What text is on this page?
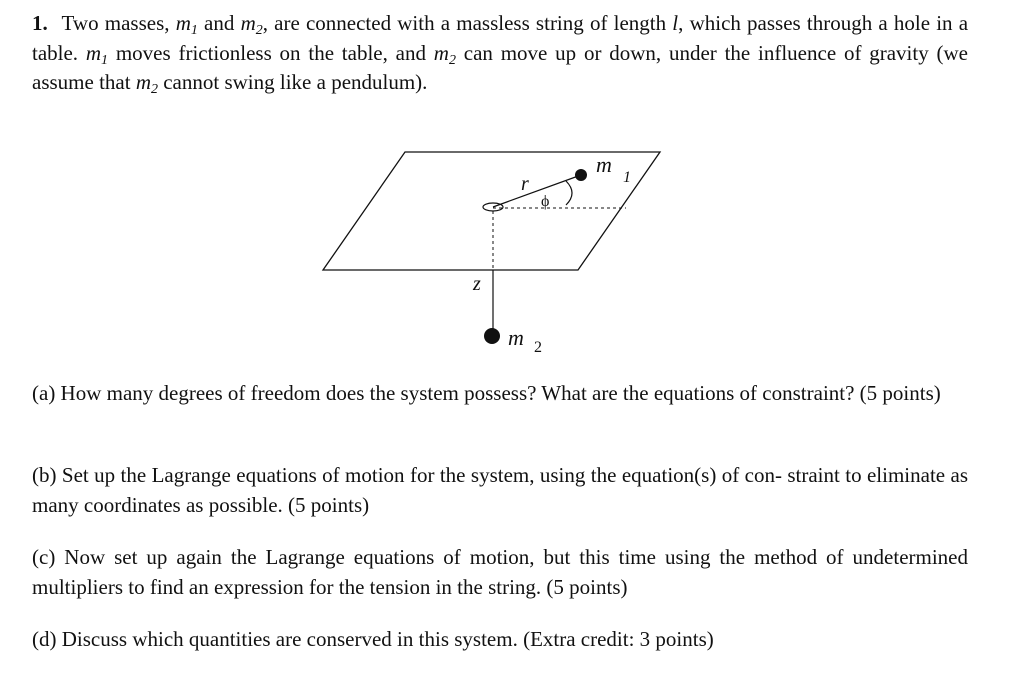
1. Two masses, $m_1$ and $m_2$, are connected with a massless string of length l, which passes through a hole in a table. $m_1$ moves frictionless on the table, and $m_2$ can move up or down, under the influence of gravity (we assume that $m_2$ cannot swing like a pendulum).
r
ϕ
m
1
z
m 2
(a) How many degrees of freedom does the system possess? What are the equations of constraint? (5 points)
(b) Set up the Lagrange equations of motion for the system, using the equation(s) of con- straint to eliminate as many coordinates as possible. (5 points)
(c) Now set up again the Lagrange equations of motion, but this time using the method of undetermined multipliers to find an expression for the tension in the string. (5 points)
(d) Discuss which quantities are conserved in this system. (Extra credit: 3 points)
